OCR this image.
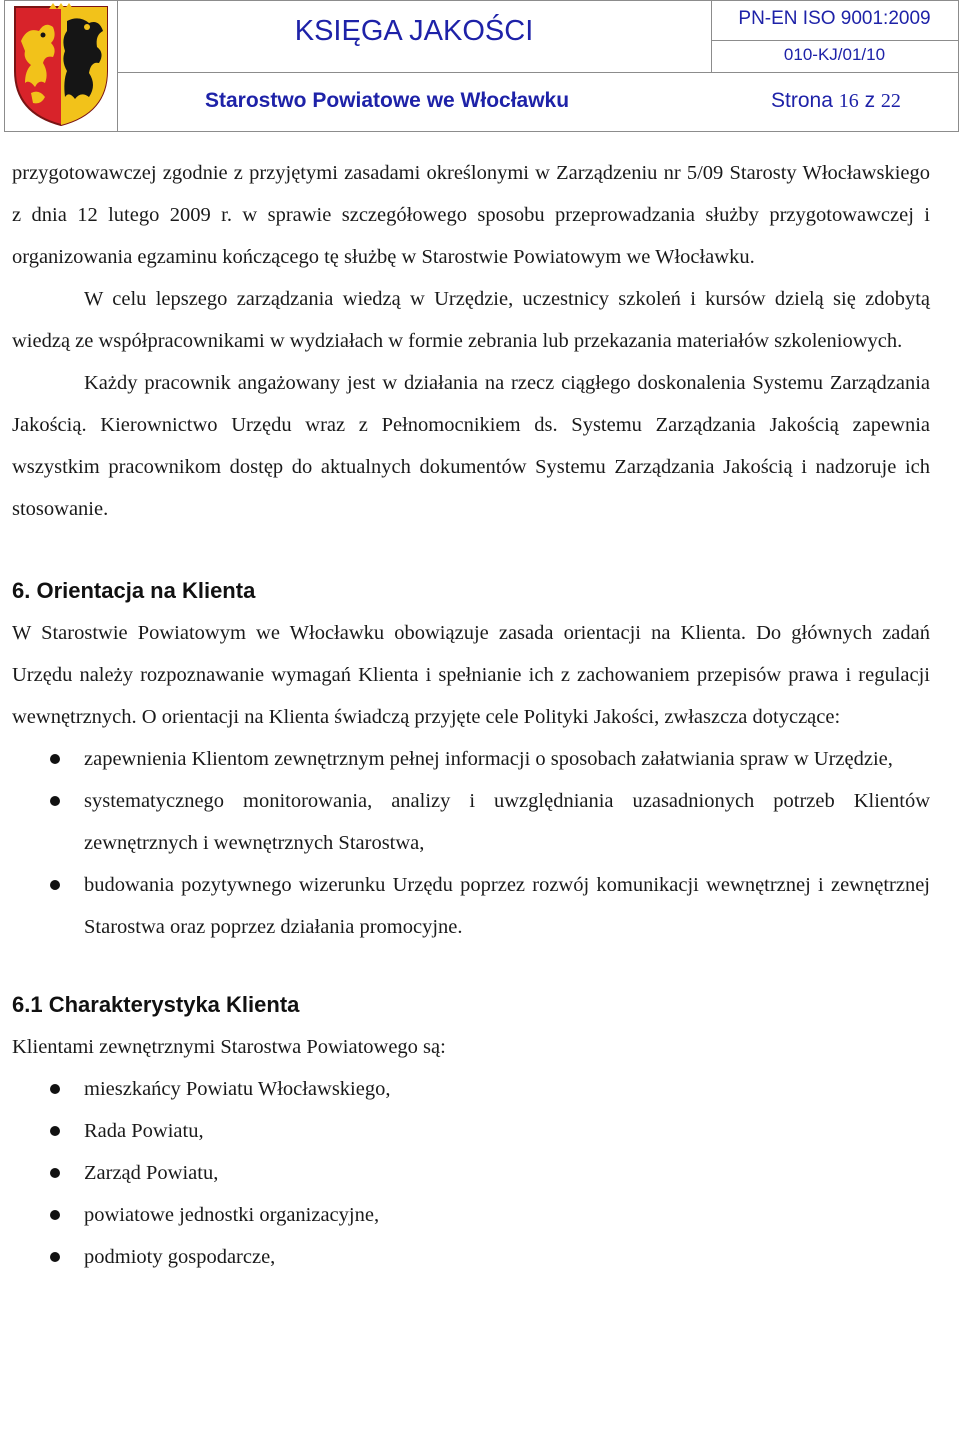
KSIĘGA JAKOŚCI	PN-EN ISO 9001:2009
010-KJ/01/10
Starostwo Powiatowe we Włocławku	Strona 16 z 22

przygotowawczej zgodnie z przyjętymi zasadami określonymi w Zarządzeniu nr 5/09 Starosty Włocławskiego z dnia 12 lutego 2009 r. w sprawie szczegółowego sposobu przeprowadzania służby przygotowawczej i organizowania egzaminu kończącego tę służbę w Starostwie Powiatowym we Włocławku.

W celu lepszego zarządzania wiedzą w Urzędzie, uczestnicy szkoleń i kursów dzielą się zdobytą wiedzą ze współpracownikami w wydziałach w formie zebrania lub przekazania materiałów szkoleniowych.

Każdy pracownik angażowany jest w działania na rzecz ciągłego doskonalenia Systemu Zarządzania Jakością. Kierownictwo Urzędu wraz z Pełnomocnikiem ds. Systemu Zarządzania Jakością zapewnia wszystkim pracownikom dostęp do aktualnych dokumentów Systemu Zarządzania Jakością i nadzoruje ich stosowanie.

6. Orientacja na Klienta

W Starostwie Powiatowym we Włocławku obowiązuje zasada orientacji na Klienta. Do głównych zadań Urzędu należy rozpoznawanie wymagań Klienta i spełnianie ich z zachowaniem przepisów prawa i regulacji wewnętrznych. O orientacji na Klienta świadczą przyjęte cele Polityki Jakości, zwłaszcza dotyczące:

zapewnienia Klientom zewnętrznym pełnej informacji o sposobach załatwiania spraw w Urzędzie,
systematycznego monitorowania, analizy i uwzględniania uzasadnionych potrzeb Klientów zewnętrznych i wewnętrznych Starostwa,
budowania pozytywnego wizerunku Urzędu poprzez rozwój komunikacji wewnętrznej i zewnętrznej Starostwa oraz poprzez działania promocyjne.
6.1 Charakterystyka Klienta

Klientami zewnętrznymi Starostwa Powiatowego są:

mieszkańcy Powiatu Włocławskiego,
Rada Powiatu,
Zarząd Powiatu,
powiatowe jednostki organizacyjne,
podmioty gospodarcze,
